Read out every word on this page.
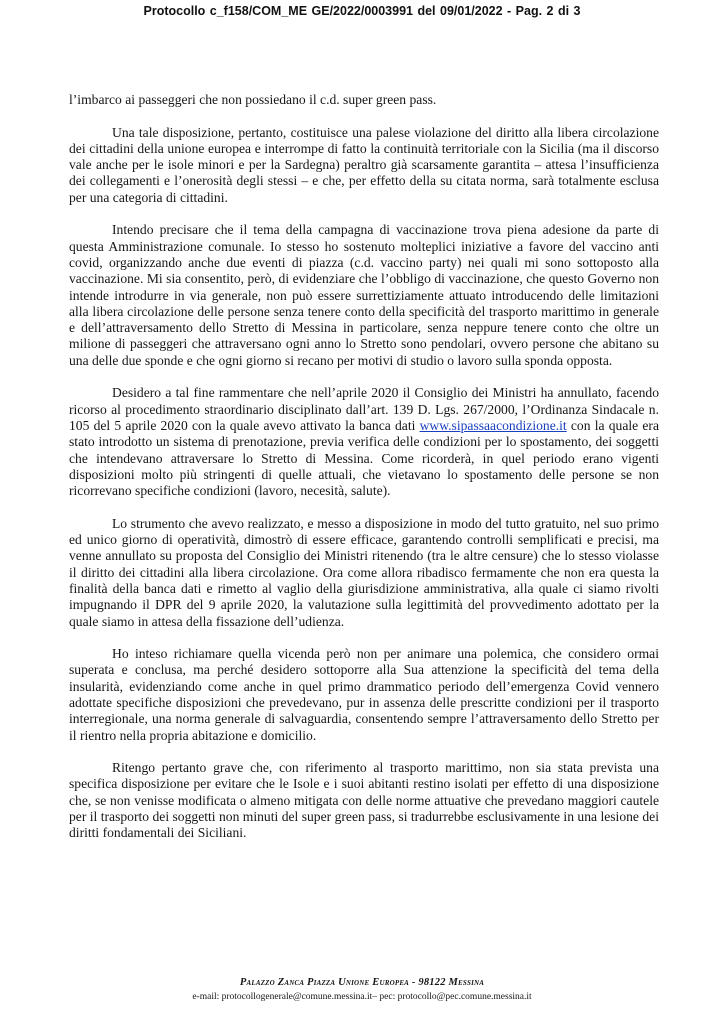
Protocollo c_f158/COM_ME GE/2022/0003991 del 09/01/2022 - Pag. 2 di 3

l’imbarco ai passeggeri che non possiedano il c.d. super green pass.

Una tale disposizione, pertanto, costituisce una palese violazione del diritto alla libera circolazione dei cittadini della unione europea e interrompe di fatto la continuità territoriale con la Sicilia (ma il discorso vale anche per le isole minori e per la Sardegna) peraltro già scarsamente garantita – attesa l’insufficienza dei collegamenti e l’onerosità degli stessi – e che, per effetto della su citata norma, sarà totalmente esclusa per una categoria di cittadini.

Intendo precisare che il tema della campagna di vaccinazione trova piena adesione da parte di questa Amministrazione comunale. Io stesso ho sostenuto molteplici iniziative a favore del vaccino anti covid, organizzando anche due eventi di piazza (c.d. vaccino party) nei quali mi sono sottoposto alla vaccinazione. Mi sia consentito, però, di evidenziare che l’obbligo di vaccinazione, che questo Governo non intende introdurre in via generale, non può essere surrettiziamente attuato introducendo delle limitazioni alla libera circolazione delle persone senza tenere conto della specificità del trasporto marittimo in generale e dell’attraversamento dello Stretto di Messina in particolare, senza neppure tenere conto che oltre un milione di passeggeri che attraversano ogni anno lo Stretto sono pendolari, ovvero persone che abitano su una delle due sponde e che ogni giorno si recano per motivi di studio o lavoro sulla sponda opposta.

Desidero a tal fine rammentare che nell’aprile 2020 il Consiglio dei Ministri ha annullato, facendo ricorso al procedimento straordinario disciplinato dall’art. 139 D. Lgs. 267/2000, l’Ordinanza Sindacale n. 105 del 5 aprile 2020 con la quale avevo attivato la banca dati www.sipassaacondizione.it con la quale era stato introdotto un sistema di prenotazione, previa verifica delle condizioni per lo spostamento, dei soggetti che intendevano attraversare lo Stretto di Messina. Come ricorderà, in quel periodo erano vigenti disposizioni molto più stringenti di quelle attuali, che vietavano lo spostamento delle persone se non ricorrevano specifiche condizioni (lavoro, necesità, salute).

Lo strumento che avevo realizzato, e messo a disposizione in modo del tutto gratuito, nel suo primo ed unico giorno di operatività, dimostrò di essere efficace, garantendo controlli semplificati e precisi, ma venne annullato su proposta del Consiglio dei Ministri ritenendo (tra le altre censure) che lo stesso violasse il diritto dei cittadini alla libera circolazione. Ora come allora ribadisco fermamente che non era questa la finalità della banca dati e rimetto al vaglio della giurisdizione amministrativa, alla quale ci siamo rivolti impugnando il DPR del 9 aprile 2020, la valutazione sulla legittimità del provvedimento adottato per la quale siamo in attesa della fissazione dell’udienza.

Ho inteso richiamare quella vicenda però non per animare una polemica, che considero ormai superata e conclusa, ma perché desidero sottoporre alla Sua attenzione la specificità del tema della insularità, evidenziando come anche in quel primo drammatico periodo dell’emergenza Covid vennero adottate specifiche disposizioni che prevedevano, pur in assenza delle prescritte condizioni per il trasporto interregionale, una norma generale di salvaguardia, consentendo sempre l’attraversamento dello Stretto per il rientro nella propria abitazione e domicilio.

Ritengo pertanto grave che, con riferimento al trasporto marittimo, non sia stata prevista una specifica disposizione per evitare che le Isole e i suoi abitanti restino isolati per effetto di una disposizione che, se non venisse modificata o almeno mitigata con delle norme attuative che prevedano maggiori cautele per il trasporto dei soggetti non minuti del super green pass, si tradurrebbe esclusivamente in una lesione dei diritti fondamentali dei Siciliani.

Palazzo Zanca Piazza Unione Europea - 98122 Messina
e-mail: protocollogenerale@comune.messina.it– pec: protocollo@pec.comune.messina.it
